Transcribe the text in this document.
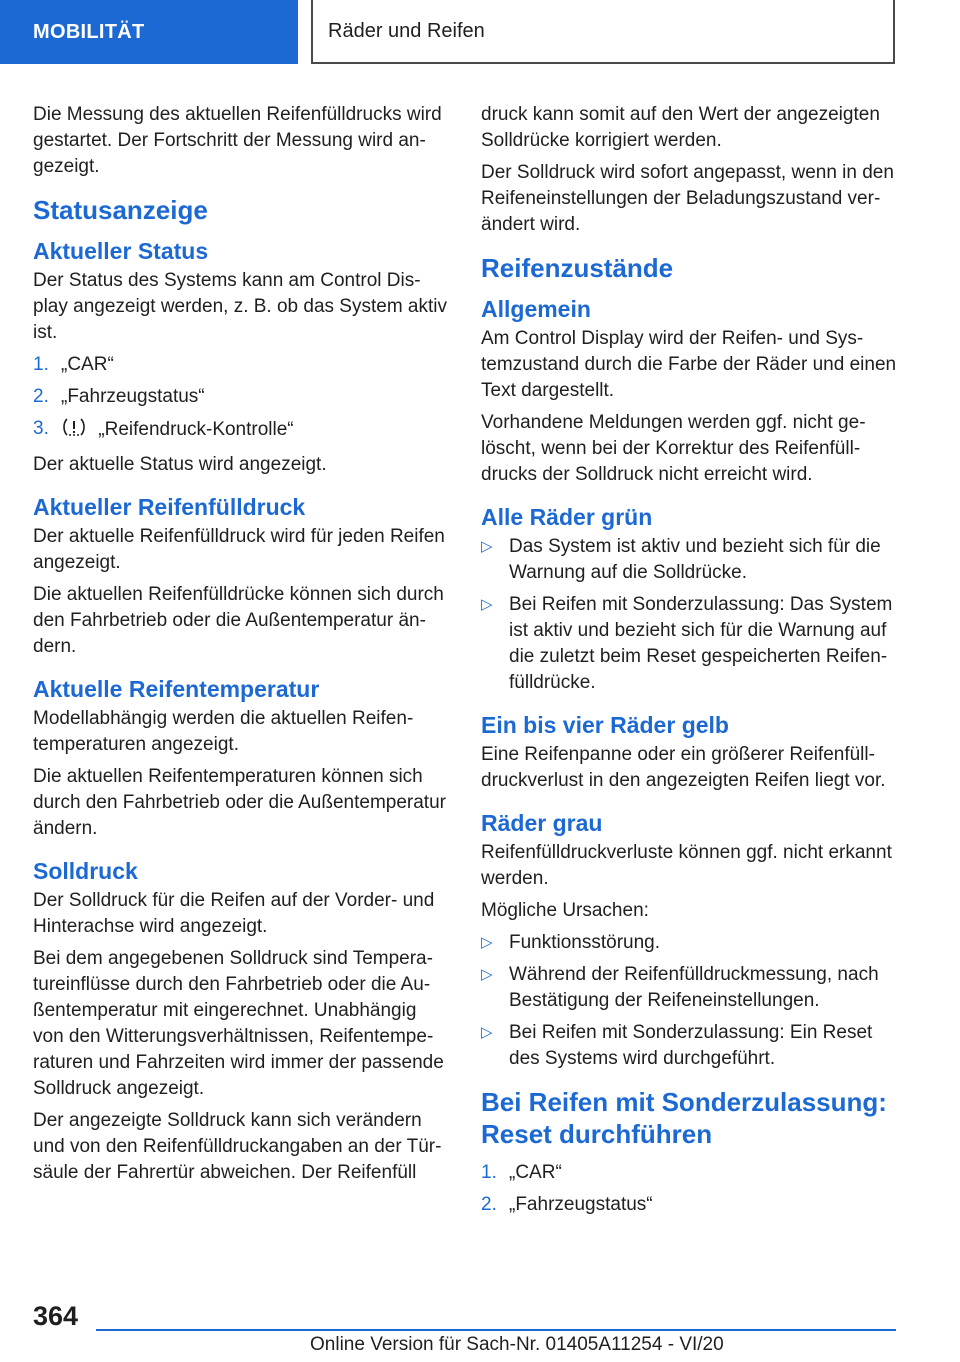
MOBILITÄT	Räder und Reifen

Die Messung des aktuellen Reifenfülldrucks wird gestartet. Der Fortschritt der Messung wird angezeigt.

Statusanzeige
Aktueller Status

Der Status des Systems kann am Control Display angezeigt werden, z. B. ob das System aktiv ist.

1. „CAR“
2. „Fahrzeugstatus“
3.	„Reifendruck-Kontrolle“

Der aktuelle Status wird angezeigt.

Aktueller Reifenfülldruck

Der aktuelle Reifenfülldruck wird für jeden Reifen angezeigt.

Die aktuellen Reifenfülldrücke können sich durch den Fahrbetrieb oder die Außentemperatur ändern.

Aktuelle Reifentemperatur

Modellabhängig werden die aktuellen Reifentemperaturen angezeigt.

Die aktuellen Reifentemperaturen können sich durch den Fahrbetrieb oder die Außentemperatur ändern.

Solldruck

Der Solldruck für die Reifen auf der Vorder- und Hinterachse wird angezeigt.

Bei dem angegebenen Solldruck sind Temperatureinflüsse durch den Fahrbetrieb oder die Außentemperatur mit eingerechnet. Unabhängig von den Witterungsverhältnissen, Reifentemperaturen und Fahrzeiten wird immer der passende Solldruck angezeigt.

Der angezeigte Solldruck kann sich verändern und von den Reifenfülldruckangaben an der Türsäule der Fahrertür abweichen. Der Reifenfüll

druck kann somit auf den Wert der angezeigten Solldrücke korrigiert werden.

Der Solldruck wird sofort angepasst, wenn in den Reifeneinstellungen der Beladungszustand verändert wird.

Reifenzustände
Allgemein

Am Control Display wird der Reifen- und Systemzustand durch die Farbe der Räder und einen Text dargestellt.

Vorhandene Meldungen werden ggf. nicht gelöscht, wenn bei der Korrektur des Reifenfülldrucks der Solldruck nicht erreicht wird.

Alle Räder grün
▷ Das System ist aktiv und bezieht sich für die Warnung auf die Solldrücke.
▷ Bei Reifen mit Sonderzulassung: Das System ist aktiv und bezieht sich für die Warnung auf die zuletzt beim Reset gespeicherten Reifenfülldrücke.
Ein bis vier Räder gelb

Eine Reifenpanne oder ein größerer Reifenfülldruckverlust in den angezeigten Reifen liegt vor.

Räder grau

Reifenfülldruckverluste können ggf. nicht erkannt werden.

Mögliche Ursachen:

▷ Funktionsstörung.
▷ Während der Reifenfülldruckmessung, nach Bestätigung der Reifeneinstellungen.
▷ Bei Reifen mit Sonderzulassung: Ein Reset des Systems wird durchgeführt.
Bei Reifen mit Sonderzulassung: Reset durchführen
1. „CAR“
2. „Fahrzeugstatus“
364
Online Version für Sach-Nr. 01405A11254 - VI/20
